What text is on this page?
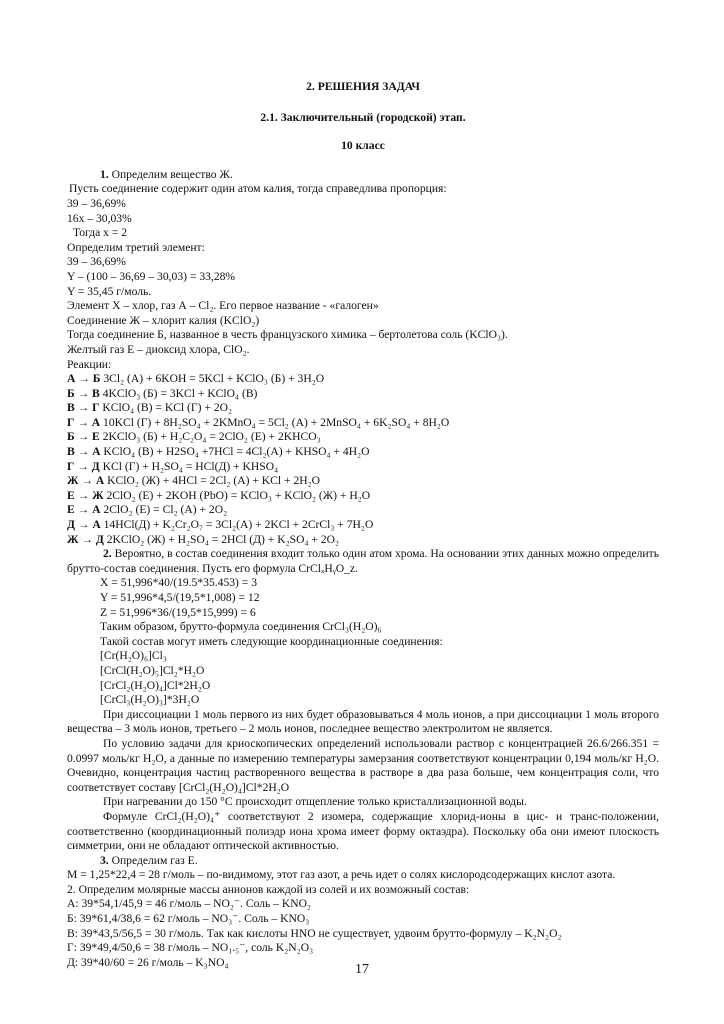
2. РЕШЕНИЯ ЗАДАЧ
2.1. Заключительный (городской) этап.
10 класс
1. Определим вещество Ж.
Пусть соединение содержит один атом калия, тогда справедлива пропорция:
39 – 36,69%
16x – 30,03%
Тогда x = 2
Определим третий элемент:
39 – 36,69%
Y – (100 – 36,69 – 30,03) = 33,28%
Y = 35,45 г/моль.
Элемент X – хлор, газ А – Cl₂. Его первое название - «галоген»
Соединение Ж – хлорит калия (KClO₂)
Тогда соединение Б, названное в честь французского химика – бертолетова соль (KClO₃).
Желтый газ Е – диоксид хлора, ClO₂.
Реакции:
А → Б 3Cl₂ (А) + 6KOH = 5KCl + KClO₃ (Б) + 3H₂O
Б → В 4KClO₃ (Б) = 3KCl + KClO₄ (В)
В → Г KClO₄ (В) = KCl (Г) + 2O₂
Г → А 10KCl (Г) + 8H₂SO₄ + 2KMnO₄ = 5Cl₂ (А) + 2MnSO₄ + 6K₂SO₄ + 8H₂O
Б → Е 2KClO₃ (Б) + H₂C₂O₄ = 2ClO₂ (Е) + 2KHCO₃
В → А KClO₄ (В) + H2SO₄ +7HCl = 4Cl₂(А) + KHSO₄ + 4H₂O
Г → Д KCl (Г) + H₂SO₄ = HCl(Д) + KHSO₄
Ж → А KClO₂ (Ж) + 4HCl = 2Cl₂ (А) + KCl + 2H₂O
Е → Ж 2ClO₂ (Е) + 2KOH (PbO) = KClO₃ + KClO₂ (Ж) + H₂O
Е → А 2ClO₂ (Е) = Cl₂ (А) + 2O₂
Д → А 14HCl(Д) + K₂Cr₂O₇ = 3Cl₂(А) + 2KCl + 2CrCl₃ + 7H₂O
Ж → Д 2KClO₂ (Ж) + H₂SO₄ = 2HCl (Д) + K₂SO₄ + 2O₂
2. Вероятно, в состав соединения входит только один атом хрома. На основании этих данных можно определить брутто-состав соединения. Пусть его формула CrClₓHᵧO_z.
X = 51,996*40/(19.5*35.453) = 3
Y = 51,996*4,5/(19,5*1,008) = 12
Z = 51,996*36/(19,5*15,999) = 6
Таким образом, брутто-формула соединения CrCl₃(H₂O)₆
Такой состав могут иметь следующие координационные соединения:
[Cr(H₂O)₆]Cl₃
[CrCl(H₂O)₅]Cl₂*H₂O
[CrCl₂(H₂O)₄]Cl*2H₂O
[CrCl₃(H₂O)₃]*3H₂O
При диссоциации 1 моль первого из них будет образовываться 4 моль ионов, а при диссоциации 1 моль второго вещества – 3 моль ионов, третьего – 2 моль ионов, последнее вещество электролитом не является.
По условию задачи для криоскопических определений использовали раствор с концентрацией 26.6/266.351 = 0.0997 моль/кг H₂O, а данные по измерению температуры замерзания соответствуют концентрации 0,194 моль/кг H₂O. Очевидно, концентрация частиц растворенного вещества в растворе в два раза больше, чем концентрация соли, что соответствует составу [CrCl₂(H₂O)₄]Cl*2H₂O
При нагревании до 150 °C происходит отщепление только кристаллизационной воды.
Формуле CrCl₂(H₂O)₄⁺ соответствуют 2 изомера, содержащие хлорид-ионы в цис- и транс-положении, соответственно (координационный полиэдр иона хрома имеет форму октаэдра). Поскольку оба они имеют плоскость симметрии, они не обладают оптической активностью.
3. Определим газ Е.
M = 1,25*22,4 = 28 г/моль – по-видимому, этот газ азот, а речь идет о солях кислородсодержащих кислот азота.
2. Определим молярные массы анионов каждой из солей и их возможный состав:
А: 39*54,1/45,9 = 46 г/моль – NO₂⁻. Соль – KNO₂
Б: 39*61,4/38,6 = 62 г/моль – NO₃⁻. Соль – KNO₃
В: 39*43,5/56,5 = 30 г/моль. Так как кислоты HNO не существует, удвоим брутто-формулу – K₂N₂O₂
Г: 39*49,4/50,6 = 38 г/моль – NO₁.₅⁻, соль K₂N₂O₃
Д: 39*40/60 = 26 г/моль – K₃NO₄	17
